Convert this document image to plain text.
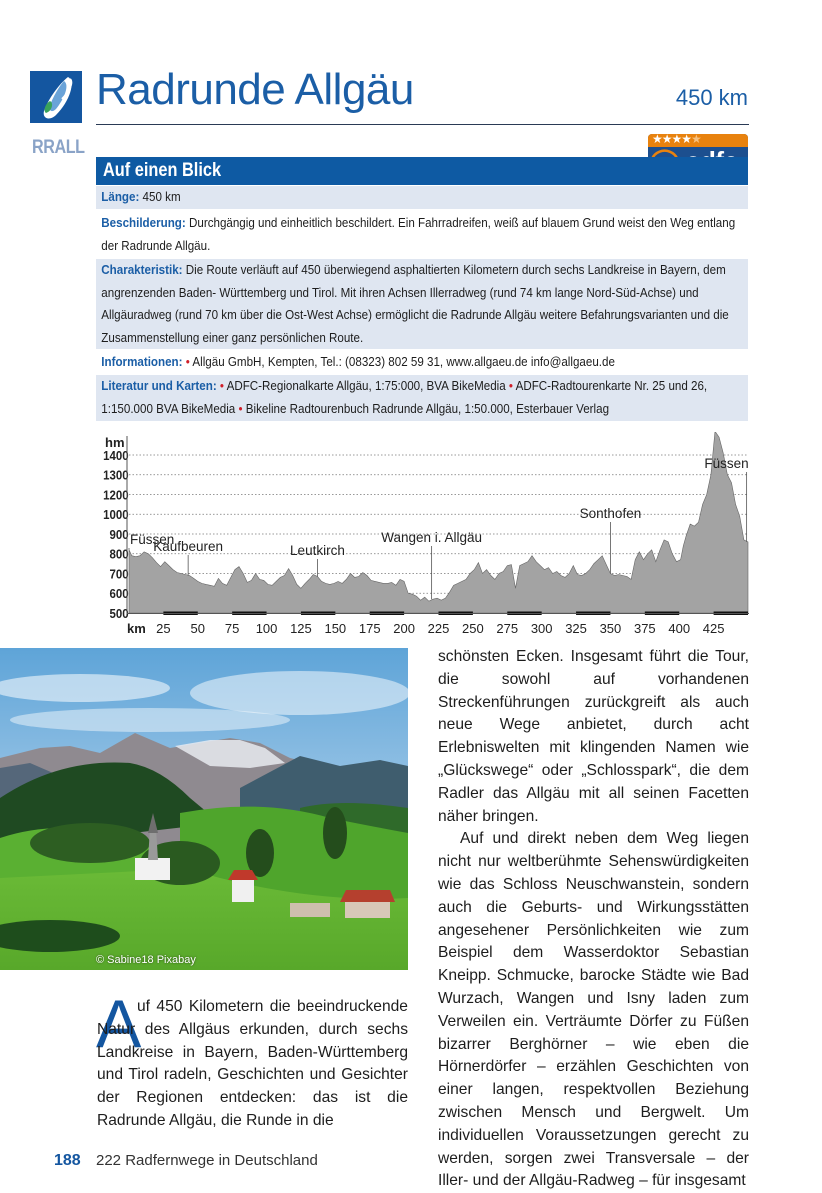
Radrunde Allgäu	450 km
RRALL	★★★★★
Auf einen Blick
Länge: 450 km
Beschilderung: Durchgängig und einheitlich beschildert. Ein Fahrradreifen, weiß auf blauem Grund weist den Weg entlang der Radrunde Allgäu.
Charakteristik: Die Route verläuft auf 450 überwiegend asphaltierten Kilometern durch sechs Landkreise in Bayern, dem angrenzenden Baden- Württemberg und Tirol. Mit ihren Achsen Illerradweg (rund 74 km lange Nord-Süd-Achse) und Allgäuradweg (rund 70 km über die Ost-West Achse) ermöglicht die Radrunde Allgäu weitere Befahrungsvarianten und die Zusammenstellung einer ganz persönlichen Route.
Informationen: • Allgäu GmbH, Kempten, Tel.: (08323) 802 59 31, www.allgaeu.de info@allgaeu.de
Literatur und Karten: • ADFC-Regionalkarte Allgäu, 1:75:000, BVA BikeMedia • ADFC-Radtourenkarte Nr. 25 und 26, 1:150.000 BVA BikeMedia • Bikeline Radtourenbuch Radrunde Allgäu, 1:50.000, Esterbauer Verlag
Füssen
Kaufbeuren	Leutkirch
Wangen i. Allgäu
Sonthofen
Füssen
500
600
700
800
900
1000
1200
1300
1400
25 50 75 100 125 150 175 200 225 250 275 300 325 350 375 400 425
hm
km
© Sabine18 Pixabay
A

uf 450 Kilometern die beeindruckende Natur des Allgäus erkunden, durch sechs Landkreise in Bayern, Baden-Württemberg und Tirol radeln, Geschichten und Gesichter der Regionen entdecken: das ist die Radrunde Allgäu, die Runde in die

schönsten Ecken. Insgesamt führt die Tour, die sowohl auf vorhandenen Streckenführungen zurückgreift als auch neue Wege anbietet, durch acht Erlebniswelten mit klingenden Namen wie „Glückswege“ oder „Schlosspark“, die dem Radler das Allgäu mit all seinen Facetten näher bringen.

Auf und direkt neben dem Weg liegen nicht nur weltberühmte Sehenswürdigkeiten wie das Schloss Neuschwanstein, sondern auch die Geburts- und Wirkungsstätten angesehener Persönlichkeiten wie zum Beispiel dem Wasserdoktor Sebastian Kneipp. Schmucke, barocke Städte wie Bad Wurzach, Wangen und Isny laden zum Verweilen ein. Verträumte Dörfer zu Füßen bizarrer Berghörner – wie eben die Hörnerdörfer – erzählen Geschichten von einer langen, respektvollen Beziehung zwischen Mensch und Bergwelt. Um individuellen Voraussetzungen gerecht zu werden, sorgen zwei Transversale – der Iller- und der Allgäu-Radweg – für insgesamt

188 222 Radfernwege in Deutschland
